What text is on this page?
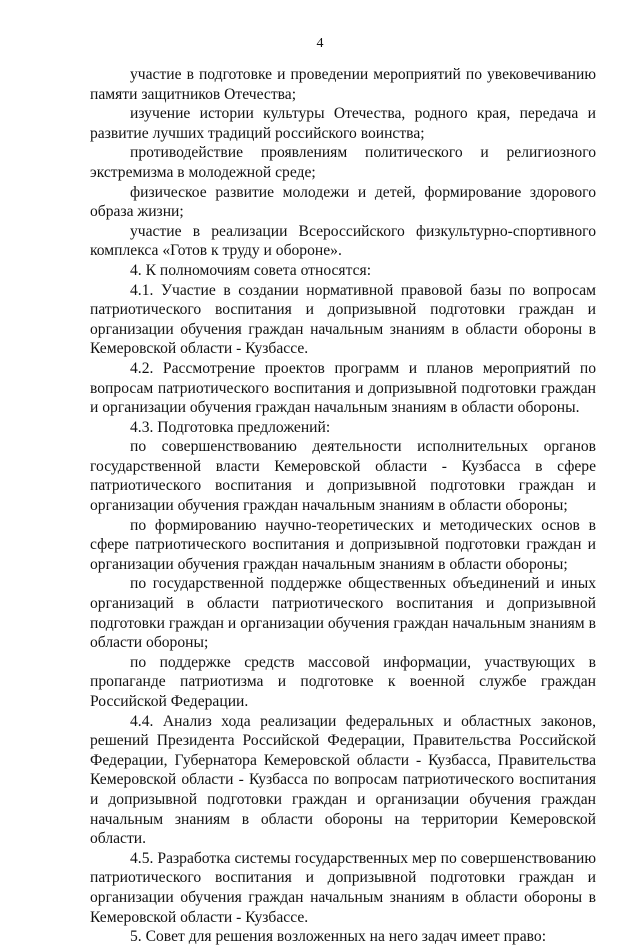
4

участие в подготовке и проведении мероприятий по увековечиванию памяти защитников Отечества;

изучение истории культуры Отечества, родного края, передача и развитие лучших традиций российского воинства;

противодействие проявлениям политического и религиозного экстремизма в молодежной среде;

физическое развитие молодежи и детей, формирование здорового образа жизни;

участие в реализации Всероссийского физкультурно-спортивного комплекса «Готов к труду и обороне».

4. К полномочиям совета относятся:

4.1. Участие в создании нормативной правовой базы по вопросам патриотического воспитания и допризывной подготовки граждан и организации обучения граждан начальным знаниям в области обороны в Кемеровской области - Кузбассе.

4.2. Рассмотрение проектов программ и планов мероприятий по вопросам патриотического воспитания и допризывной подготовки граждан и организации обучения граждан начальным знаниям в области обороны.

4.3. Подготовка предложений:

по совершенствованию деятельности исполнительных органов государственной власти Кемеровской области - Кузбасса в сфере патриотического воспитания и допризывной подготовки граждан и организации обучения граждан начальным знаниям в области обороны;

по формированию научно-теоретических и методических основ в сфере патриотического воспитания и допризывной подготовки граждан и организации обучения граждан начальным знаниям в области обороны;

по государственной поддержке общественных объединений и иных организаций в области патриотического воспитания и допризывной подготовки граждан и организации обучения граждан начальным знаниям в области обороны;

по поддержке средств массовой информации, участвующих в пропаганде патриотизма и подготовке к военной службе граждан Российской Федерации.

4.4. Анализ хода реализации федеральных и областных законов, решений Президента Российской Федерации, Правительства Российской Федерации, Губернатора Кемеровской области - Кузбасса, Правительства Кемеровской области - Кузбасса по вопросам патриотического воспитания и допризывной подготовки граждан и организации обучения граждан начальным знаниям в области обороны на территории Кемеровской области.

4.5. Разработка системы государственных мер по совершенствованию патриотического воспитания и допризывной подготовки граждан и организации обучения граждан начальным знаниям в области обороны в Кемеровской области - Кузбассе.

5. Совет для решения возложенных на него задач имеет право:
